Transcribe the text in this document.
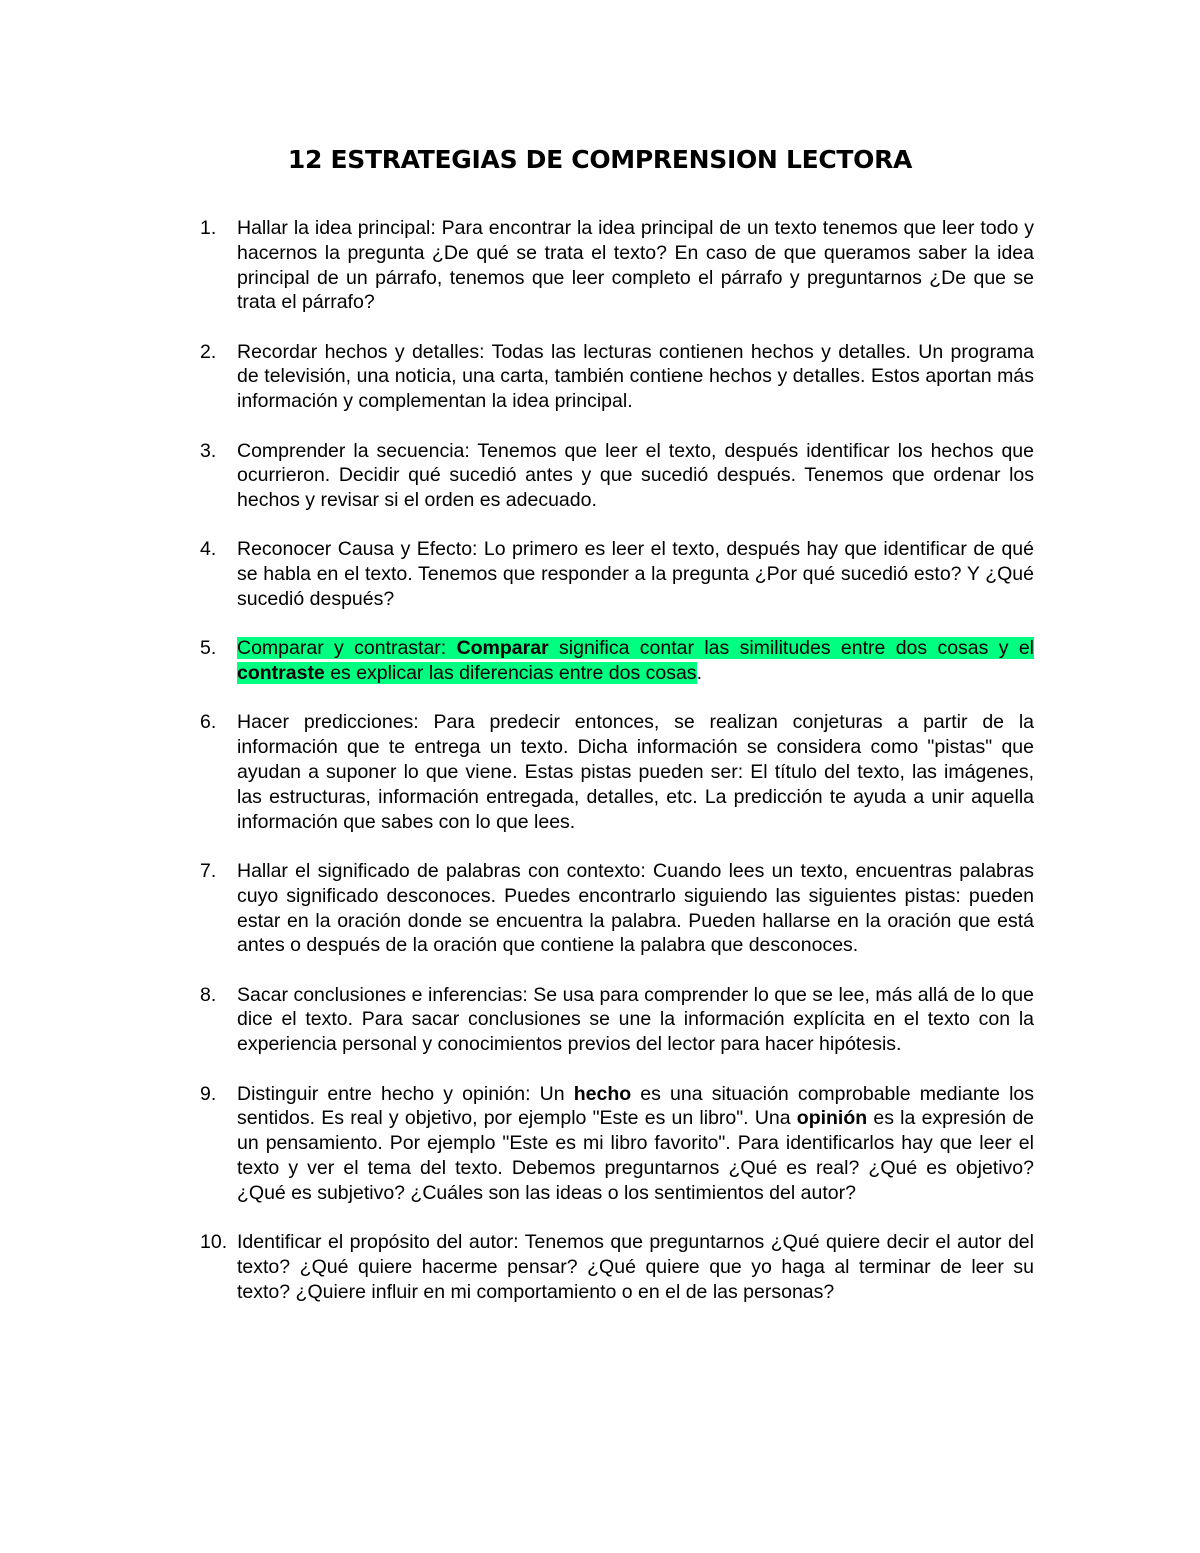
12 ESTRATEGIAS DE COMPRENSION LECTORA
1.	Hallar la idea principal: Para encontrar la idea principal de un texto tenemos que leer todo y hacernos la pregunta ¿De qué se trata el texto? En caso de que queramos saber la idea principal de un párrafo, tenemos que leer completo el párrafo y preguntarnos ¿De que se trata el párrafo?
2.	Recordar hechos y detalles: Todas las lecturas contienen hechos y detalles. Un programa de televisión, una noticia, una carta, también contiene hechos y detalles. Estos aportan más información y complementan la idea principal.
3.	Comprender la secuencia: Tenemos que leer el texto, después identificar los hechos que ocurrieron. Decidir qué sucedió antes y que sucedió después. Tenemos que ordenar los hechos y revisar si el orden es adecuado.
4.	Reconocer Causa y Efecto: Lo primero es leer el texto, después hay que identificar de qué se habla en el texto. Tenemos que responder a la pregunta ¿Por qué sucedió esto? Y ¿Qué sucedió después?
5.	Comparar y contrastar: Comparar significa contar las similitudes entre dos cosas y el contraste es explicar las diferencias entre dos cosas.
6.	Hacer predicciones: Para predecir entonces, se realizan conjeturas a partir de la información que te entrega un texto. Dicha información se considera como "pistas" que ayudan a suponer lo que viene. Estas pistas pueden ser: El título del texto, las imágenes, las estructuras, información entregada, detalles, etc. La predicción te ayuda a unir aquella información que sabes con lo que lees.
7.	Hallar el significado de palabras con contexto: Cuando lees un texto, encuentras palabras cuyo significado desconoces. Puedes encontrarlo siguiendo las siguientes pistas: pueden estar en la oración donde se encuentra la palabra. Pueden hallarse en la oración que está antes o después de la oración que contiene la palabra que desconoces.
8.	Sacar conclusiones e inferencias: Se usa para comprender lo que se lee, más allá de lo que dice el texto. Para sacar conclusiones se une la información explícita en el texto con la experiencia personal y conocimientos previos del lector para hacer hipótesis.
9.	Distinguir entre hecho y opinión: Un hecho es una situación comprobable mediante los sentidos. Es real y objetivo, por ejemplo "Este es un libro". Una opinión es la expresión de un pensamiento. Por ejemplo "Este es mi libro favorito". Para identificarlos hay que leer el texto y ver el tema del texto. Debemos preguntarnos ¿Qué es real? ¿Qué es objetivo? ¿Qué es subjetivo? ¿Cuáles son las ideas o los sentimientos del autor?
10. Identificar el propósito del autor: Tenemos que preguntarnos ¿Qué quiere decir el autor del texto? ¿Qué quiere hacerme pensar? ¿Qué quiere que yo haga al terminar de leer su texto? ¿Quiere influir en mi comportamiento o en el de las personas?
